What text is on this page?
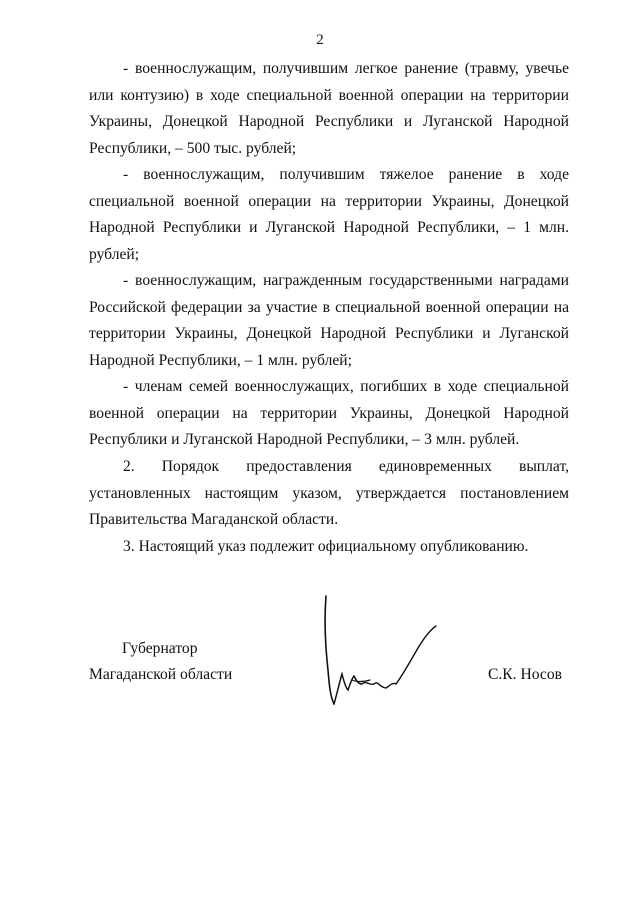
2
- военнослужащим, получившим легкое ранение (травму, увечье или контузию) в ходе специальной военной операции на территории Украины, Донецкой Народной Республики и Луганской Народной Республики, – 500 тыс. рублей;
- военнослужащим, получившим тяжелое ранение в ходе специальной военной операции на территории Украины, Донецкой Народной Республики и Луганской Народной Республики, – 1 млн. рублей;
- военнослужащим, награжденным государственными наградами Российской федерации за участие в специальной военной операции на территории Украины, Донецкой Народной Республики и Луганской Народной Республики, – 1 млн. рублей;
- членам семей военнослужащих, погибших в ходе специальной военной операции на территории Украины, Донецкой Народной Республики и Луганской Народной Республики, – 3 млн. рублей.
2. Порядок предоставления единовременных выплат, установленных настоящим указом, утверждается постановлением Правительства Магаданской области.
3. Настоящий указ подлежит официальному опубликованию.
Губернатор
Магаданской области	С.К. Носов
